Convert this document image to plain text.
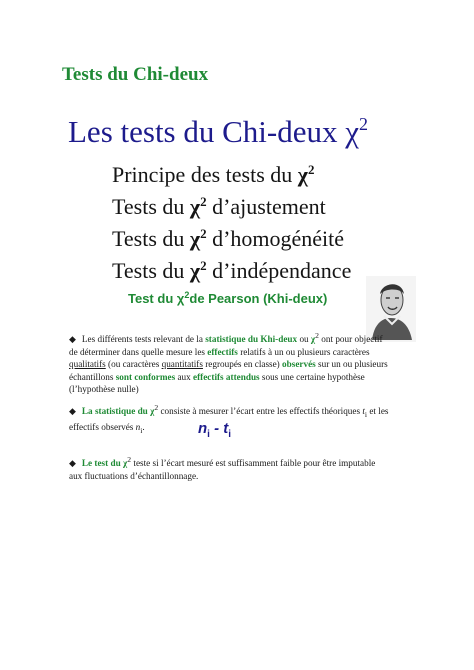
Tests du Chi-deux
Les tests du Chi-deux $\chi^2$
Principe des tests du $\chi^2$
Tests du $\chi^2$ d’ajustement
Tests du $\chi^2$ d’homogénéité
Tests du $\chi^2$ d’indépendance
Test du $\chi^2de$ Pearson (Khi-deux)
◆ Les différents tests relevant de la statistique du Khi-deux ou $\chi^2$ ont pour objectif de déterminer dans quelle mesure les effectifs relatifs à un ou plusieurs caractères qualitatifs (ou caractères quantitatifs regroupés en classe) observés sur un ou plusieurs échantillons sont conformes aux effectifs attendus sous une certaine hypothèse (l’hypothèse nulle)
◆ La statistique du $\chi^2$ consiste à mesurer l’écart entre les effectifs théoriques $t_i$ et les effectifs observés $n_i$.	$n_i - t_i$
◆ Le test du $\chi^2$ teste si l’écart mesuré est suffisamment faible pour être imputable aux fluctuations d’échantillonnage.
